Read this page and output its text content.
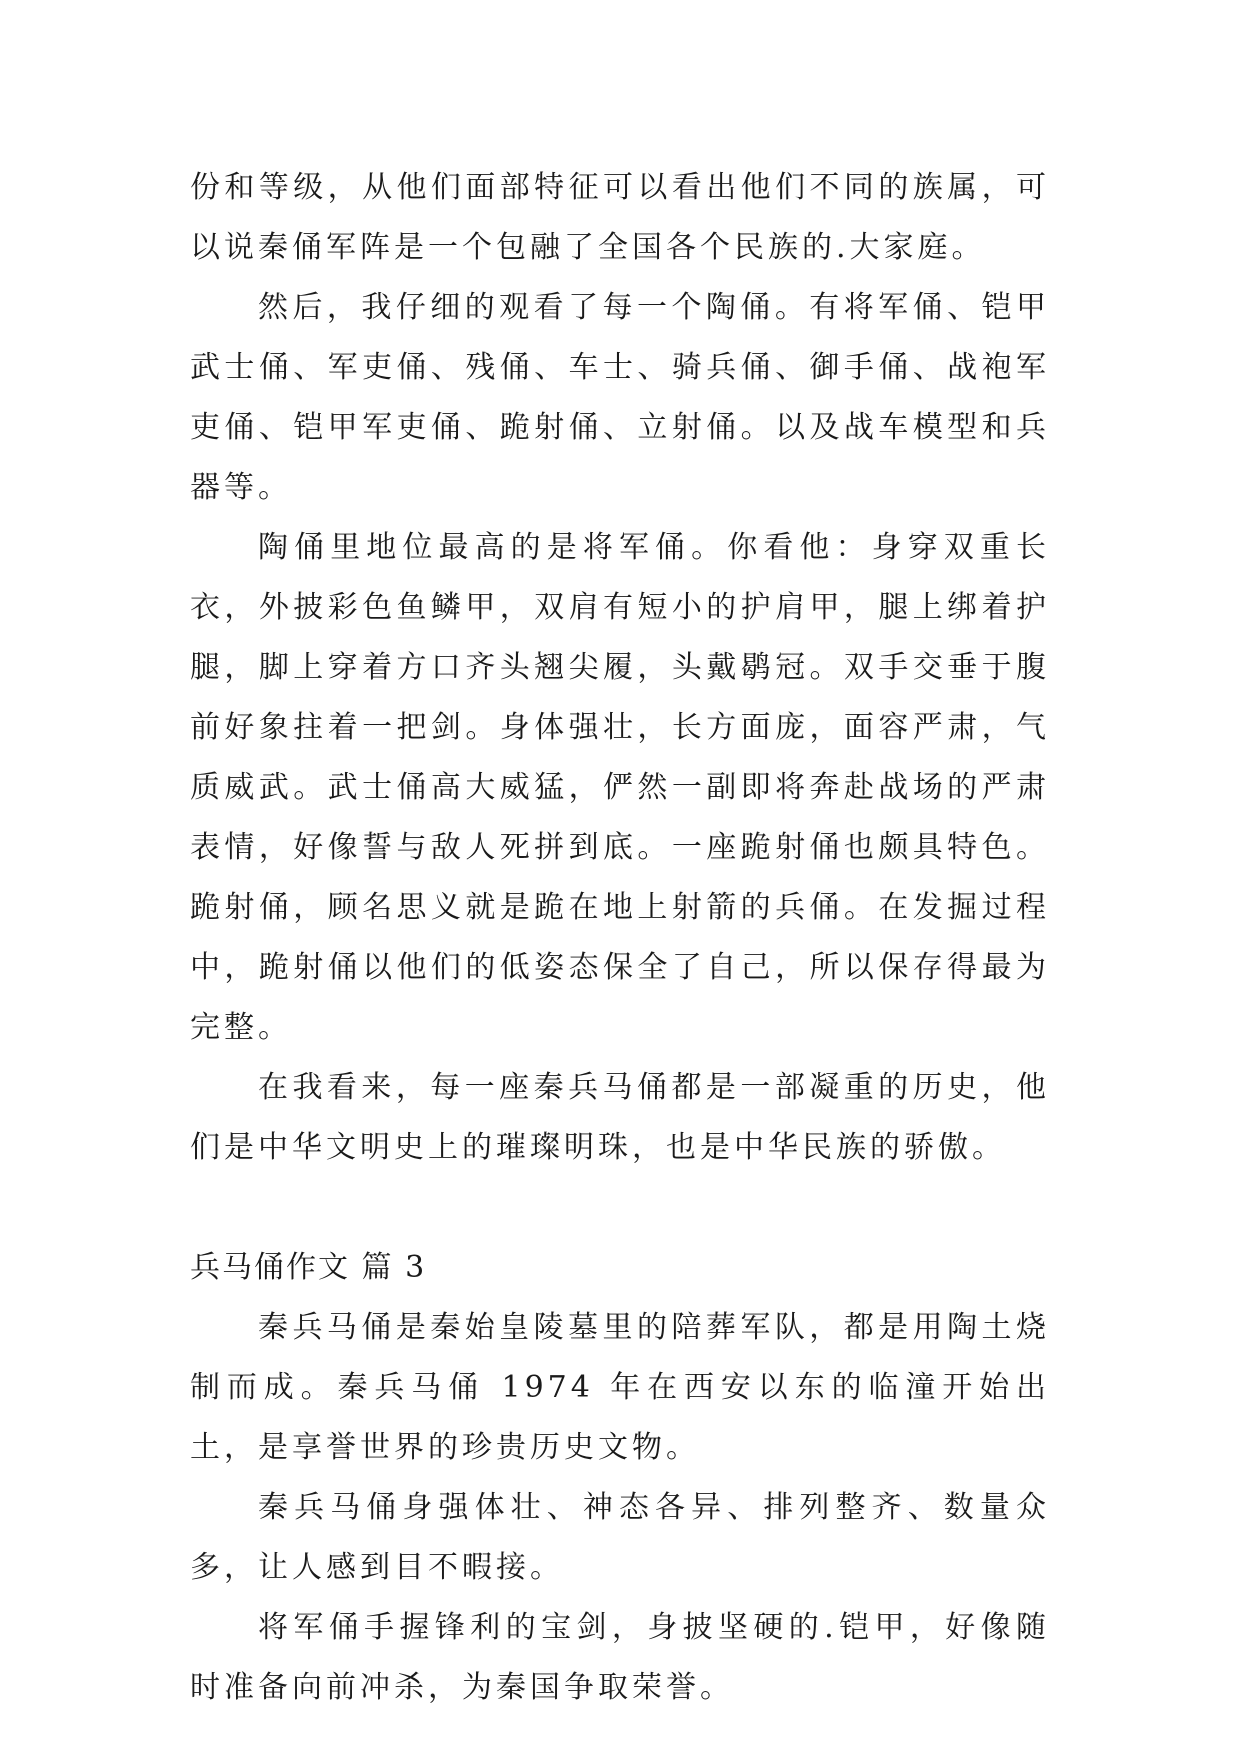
份和等级，从他们面部特征可以看出他们不同的族属，可以说秦俑军阵是一个包融了全国各个民族的.大家庭。

然后，我仔细的观看了每一个陶俑。有将军俑、铠甲武士俑、军吏俑、残俑、车士、骑兵俑、御手俑、战袍军吏俑、铠甲军吏俑、跪射俑、立射俑。以及战车模型和兵器等。

陶俑里地位最高的是将军俑。你看他：身穿双重长衣，外披彩色鱼鳞甲，双肩有短小的护肩甲，腿上绑着护腿，脚上穿着方口齐头翘尖履，头戴鹖冠。双手交垂于腹前好象拄着一把剑。身体强壮，长方面庞，面容严肃，气质威武。武士俑高大威猛，俨然一副即将奔赴战场的严肃表情，好像誓与敌人死拼到底。一座跪射俑也颇具特色。跪射俑，顾名思义就是跪在地上射箭的兵俑。在发掘过程中，跪射俑以他们的低姿态保全了自己，所以保存得最为完整。

在我看来，每一座秦兵马俑都是一部凝重的历史，他们是中华文明史上的璀璨明珠，也是中华民族的骄傲。

兵马俑作文 篇 3

秦兵马俑是秦始皇陵墓里的陪葬军队，都是用陶土烧制而成。秦兵马俑 1974 年在西安以东的临潼开始出土，是享誉世界的珍贵历史文物。

秦兵马俑身强体壮、神态各异、排列整齐、数量众多，让人感到目不暇接。

将军俑手握锋利的宝剑，身披坚硬的.铠甲，好像随时准备向前冲杀，为秦国争取荣誉。
